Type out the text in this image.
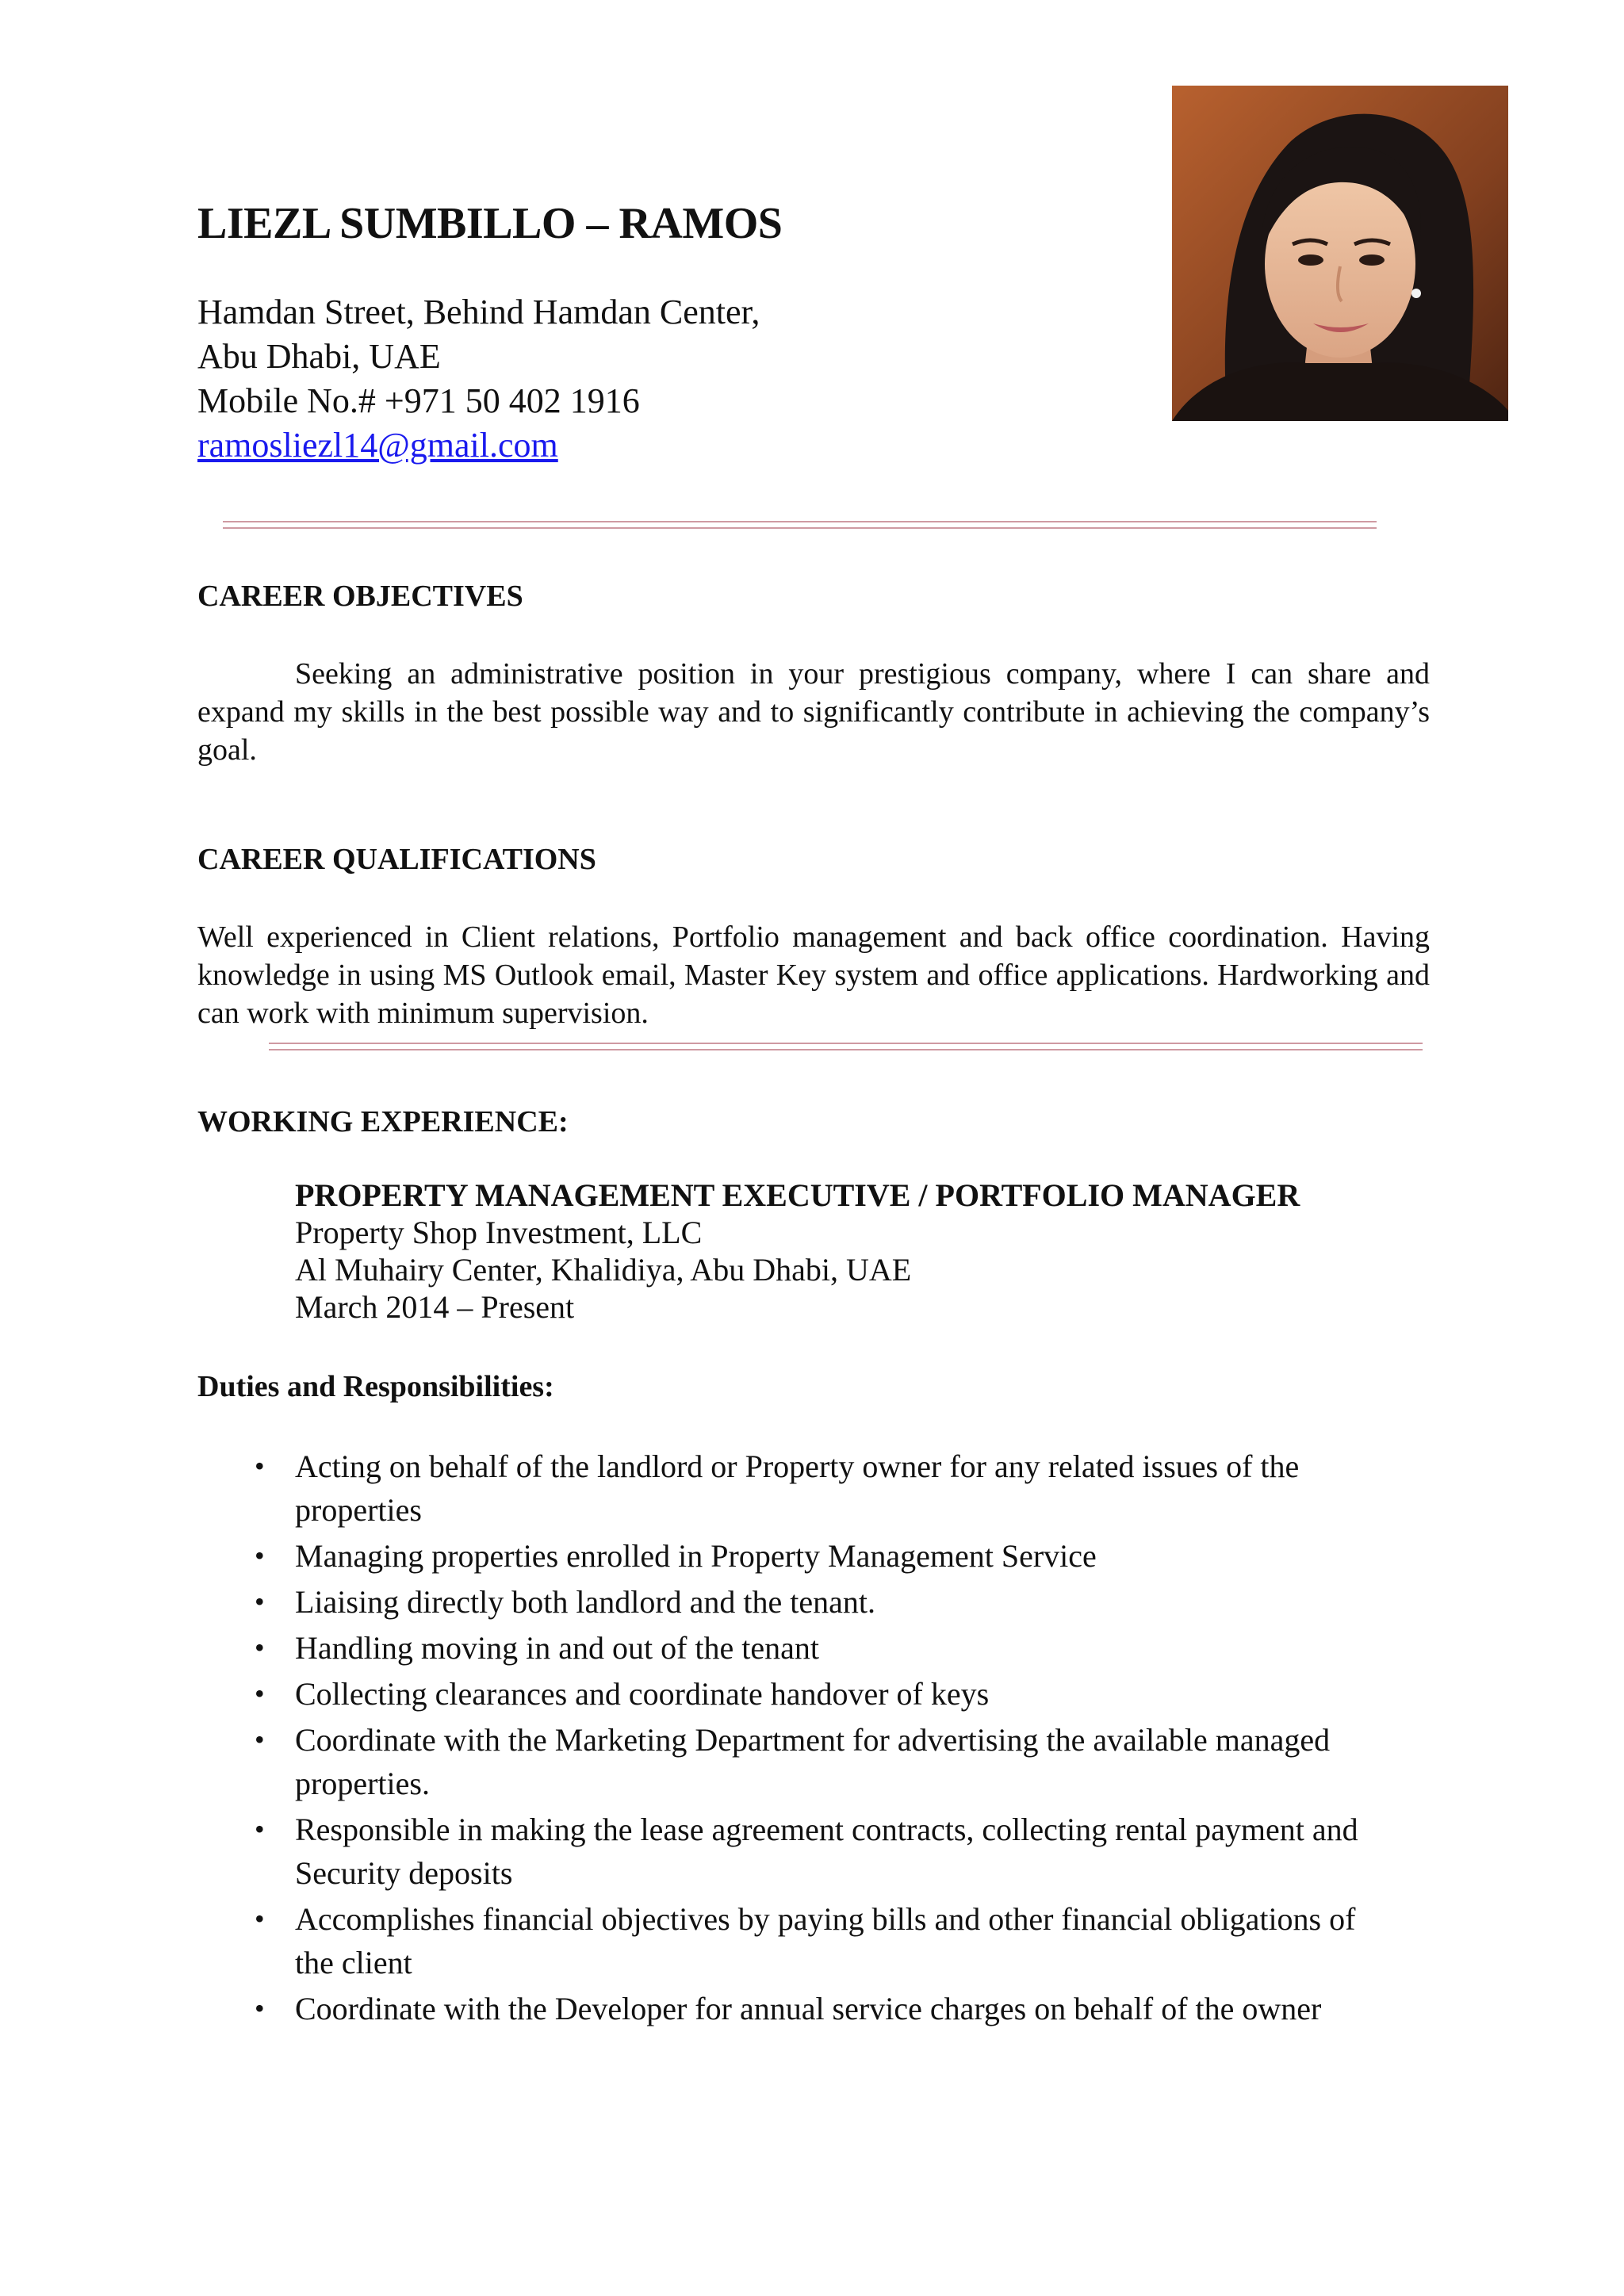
LIEZL SUMBILLO – RAMOS
Hamdan Street, Behind Hamdan Center,
Abu Dhabi, UAE
Mobile No.# +971 50 402 1916
ramosliezl14@gmail.com
CAREER OBJECTIVES
Seeking an administrative position in your prestigious company, where I can share and expand my skills in the best possible way and to significantly contribute in achieving the company’s goal.
CAREER QUALIFICATIONS
Well experienced in Client relations, Portfolio management and back office coordination. Having knowledge in using MS Outlook email, Master Key system and office applications. Hardworking and can work with minimum supervision.
WORKING EXPERIENCE:
PROPERTY MANAGEMENT EXECUTIVE / PORTFOLIO MANAGER
Property Shop Investment, LLC
Al Muhairy Center, Khalidiya, Abu Dhabi, UAE
March 2014 – Present
Duties and Responsibilities:
• Acting on behalf of the landlord or Property owner for any related issues of the properties
• Managing properties enrolled in Property Management Service
• Liaising directly both landlord and the tenant.
• Handling moving in and out of the tenant
• Collecting clearances and coordinate handover of keys
• Coordinate with the Marketing Department for advertising the available managed properties.
• Responsible in making the lease agreement contracts, collecting rental payment and Security deposits
• Accomplishes financial objectives by paying bills and other financial obligations of the client
• Coordinate with the Developer for annual service charges on behalf of the owner
